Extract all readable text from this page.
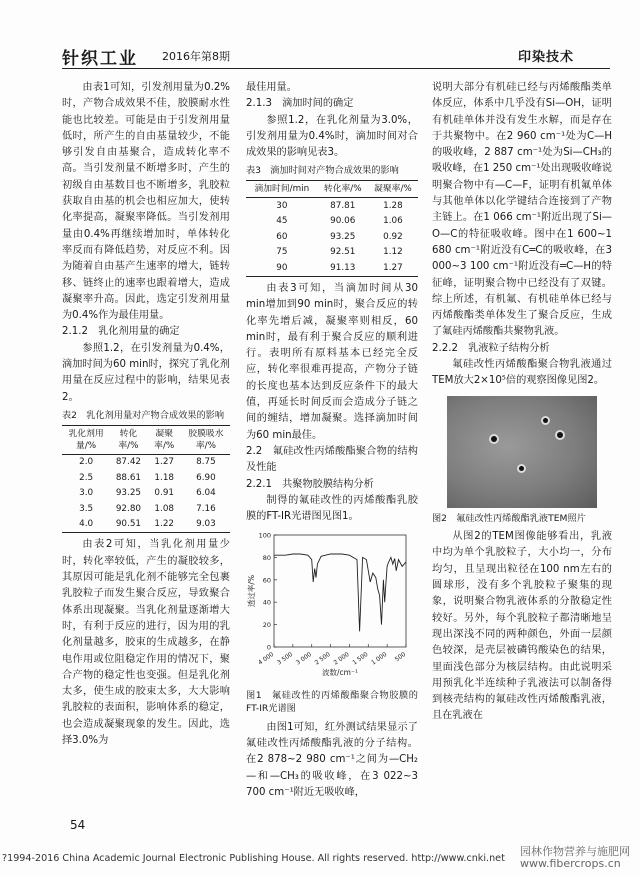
针织工业 2016年第8期	印染技术

由表1可知，引发剂用量为0.2%时，产物合成效果不佳，胶膜耐水性能也比较差。可能是由于引发剂用量低时，所产生的自由基量较少，不能够引发自由基聚合，造成转化率不高。当引发剂量不断增多时，产生的初级自由基数目也不断增多，乳胶粒获取自由基的机会也相应加大，使转化率提高，凝聚率降低。当引发剂用量由0.4%再继续增加时，单体转化率反而有降低趋势，对反应不利。因为随着自由基产生速率的增大，链转移、链终止的速率也跟着增大，造成凝聚率升高。因此，选定引发剂用量为0.4%作为最佳用量。

2.1.2　乳化剂用量的确定

参照1.2，在引发剂量为0.4%，滴加时间为60 min时，探究了乳化剂用量在反应过程中的影响，结果见表2。

表2　乳化剂用量对产物合成效果的影响
乳化剂用量/%	转化率/%	凝聚率/%	胶膜吸水率/%
2.0	87.42	1.27	8.75
2.5	88.61	1.18	6.90
3.0	93.25	0.91	6.04
3.5	92.80	1.08	7.16
4.0	90.51	1.22	9.03

由表2可知，当乳化剂用量少时，转化率较低，产生的凝胶较多，其原因可能是乳化剂不能够完全包裹乳胶粒子而发生聚合反应，导致聚合体系出现凝聚。当乳化剂量逐渐增大时，有利于反应的进行，因为用的乳化剂量越多，胶束的生成越多，在静电作用或位阻稳定作用的情况下，聚合产物的稳定性也变强。但是乳化剂太多，使生成的胶束太多，大大影响乳胶粒的表面积，影响体系的稳定，也会造成凝聚现象的发生。因此，选择3.0%为

最佳用量。

2.1.3　滴加时间的确定

参照1.2，在乳化剂量为3.0%，引发剂用量为0.4%时，滴加时间对合成效果的影响见表3。

表3　滴加时间对产物合成效果的影响
滴加时间/min	转化率/%	凝聚率/%
30	87.81	1.28
45	90.06	1.06
60	93.25	0.92
75	92.51	1.12
90	91.13	1.27

由表3可知，当滴加时间从30 min增加到90 min时，聚合反应的转化率先增后减，凝聚率则相反，60 min时，最有利于聚合反应的顺利进行。表明所有原料基本已经完全反应，转化率很难再提高，产物分子链的长度也基本达到反应条件下的最大值，再延长时间反而会造成分子链之间的缠结，增加凝聚。选择滴加时间为60 min最佳。

2.2　氟硅改性丙烯酸酯聚合物的结构及性能
2.2.1　共聚物胶膜结构分析

制得的氟硅改性的丙烯酸酯乳胶膜的FT-IR光谱图见图1。

0
20
40
60
80
100
500
1 000
1 500
2 000
2 500
3 000
3 500
4 000
波数/cm⁻¹
透过率/%
图1　氟硅改性的丙烯酸酯聚合物胶膜的FT-IR光谱图

由图1可知，红外测试结果显示了氟硅改性丙烯酸酯乳液的分子结构。在2 878~2 980 cm⁻¹之间为—CH₂—和—CH₃的吸收峰，在3 022~3 700 cm⁻¹附近无吸收峰，

说明大部分有机硅已经与丙烯酸酯类单体反应，体系中几乎没有Si—OH，证明有机硅单体并没有发生水解，而是存在于共聚物中。在2 960 cm⁻¹处为C—H的吸收峰，2 887 cm⁻¹处为Si—CH₃的吸收峰，在1 250 cm⁻¹处出现吸收峰说明聚合物中有—C—F，证明有机氟单体与其他单体以化学键结合连接到了产物主链上。在1 066 cm⁻¹附近出现了Si—O—C的特征吸收峰。图中在1 600~1 680 cm⁻¹附近没有C═C的吸收峰，在3 000~3 100 cm⁻¹附近没有═C—H的特征峰，证明聚合物中已经没有了双键。综上所述，有机氟、有机硅单体已经与丙烯酸酯类单体发生了聚合反应，生成了氟硅丙烯酸酯共聚物乳液。

2.2.2　乳液粒子结构分析

氟硅改性丙烯酸酯聚合物乳液通过TEM放大2×10⁵倍的观察图像见图2。

图2　氟硅改性丙烯酸酯乳液TEM照片

从图2的TEM图像能够看出，乳液中均为单个乳胶粒子，大小均一，分布均匀，且呈现出粒径在100 nm左右的圆球形，没有多个乳胶粒子聚集的现象，说明聚合物乳液体系的分散稳定性较好。另外，每个乳胶粒子都清晰地呈现出深浅不同的两种颜色，外面一层颜色较深，是壳层被磷钨酸染色的结果，里面浅色部分为核层结构。由此说明采用预乳化半连续种子乳液法可以制备得到核壳结构的氟硅改性丙烯酸酯乳液，且在乳液在

54
?1994-2016 China Academic Journal Electronic Publishing House. All rights reserved. http://www.cnki.net
园林作物营养与施肥网
www.fibercrops.cn
